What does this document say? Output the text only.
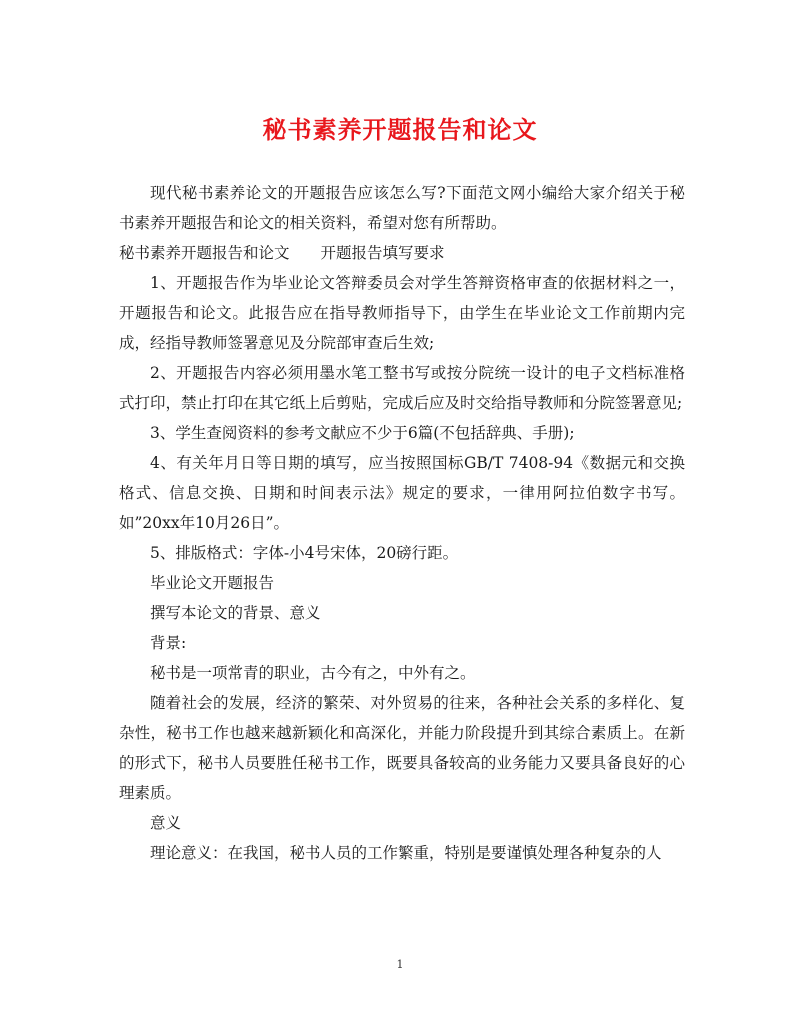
秘书素养开题报告和论文

现代秘书素养论文的开题报告应该怎么写?下面范文网小编给大家介绍关于秘书素养开题报告和论文的相关资料，希望对您有所帮助。

秘书素养开题报告和论文　　开题报告填写要求

1、开题报告作为毕业论文答辩委员会对学生答辩资格审查的依据材料之一，开题报告和论文。此报告应在指导教师指导下，由学生在毕业论文工作前期内完成，经指导教师签署意见及分院部审查后生效;

2、开题报告内容必须用墨水笔工整书写或按分院统一设计的电子文档标准格式打印，禁止打印在其它纸上后剪贴，完成后应及时交给指导教师和分院签署意见;

3、学生查阅资料的参考文献应不少于6篇(不包括辞典、手册);

4、有关年月日等日期的填写，应当按照国标GB/T 7408-94《数据元和交换格式、信息交换、日期和时间表示法》规定的要求，一律用阿拉伯数字书写。如”20xx年10月26日”。

5、排版格式：字体-小4号宋体，20磅行距。

毕业论文开题报告

撰写本论文的背景、意义

背景:

秘书是一项常青的职业，古今有之，中外有之。

随着社会的发展，经济的繁荣、对外贸易的往来，各种社会关系的多样化、复杂性，秘书工作也越来越新颖化和高深化，并能力阶段提升到其综合素质上。在新的形式下，秘书人员要胜任秘书工作，既要具备较高的业务能力又要具备良好的心理素质。

意义

理论意义：在我国，秘书人员的工作繁重，特别是要谨慎处理各种复杂的人

1
